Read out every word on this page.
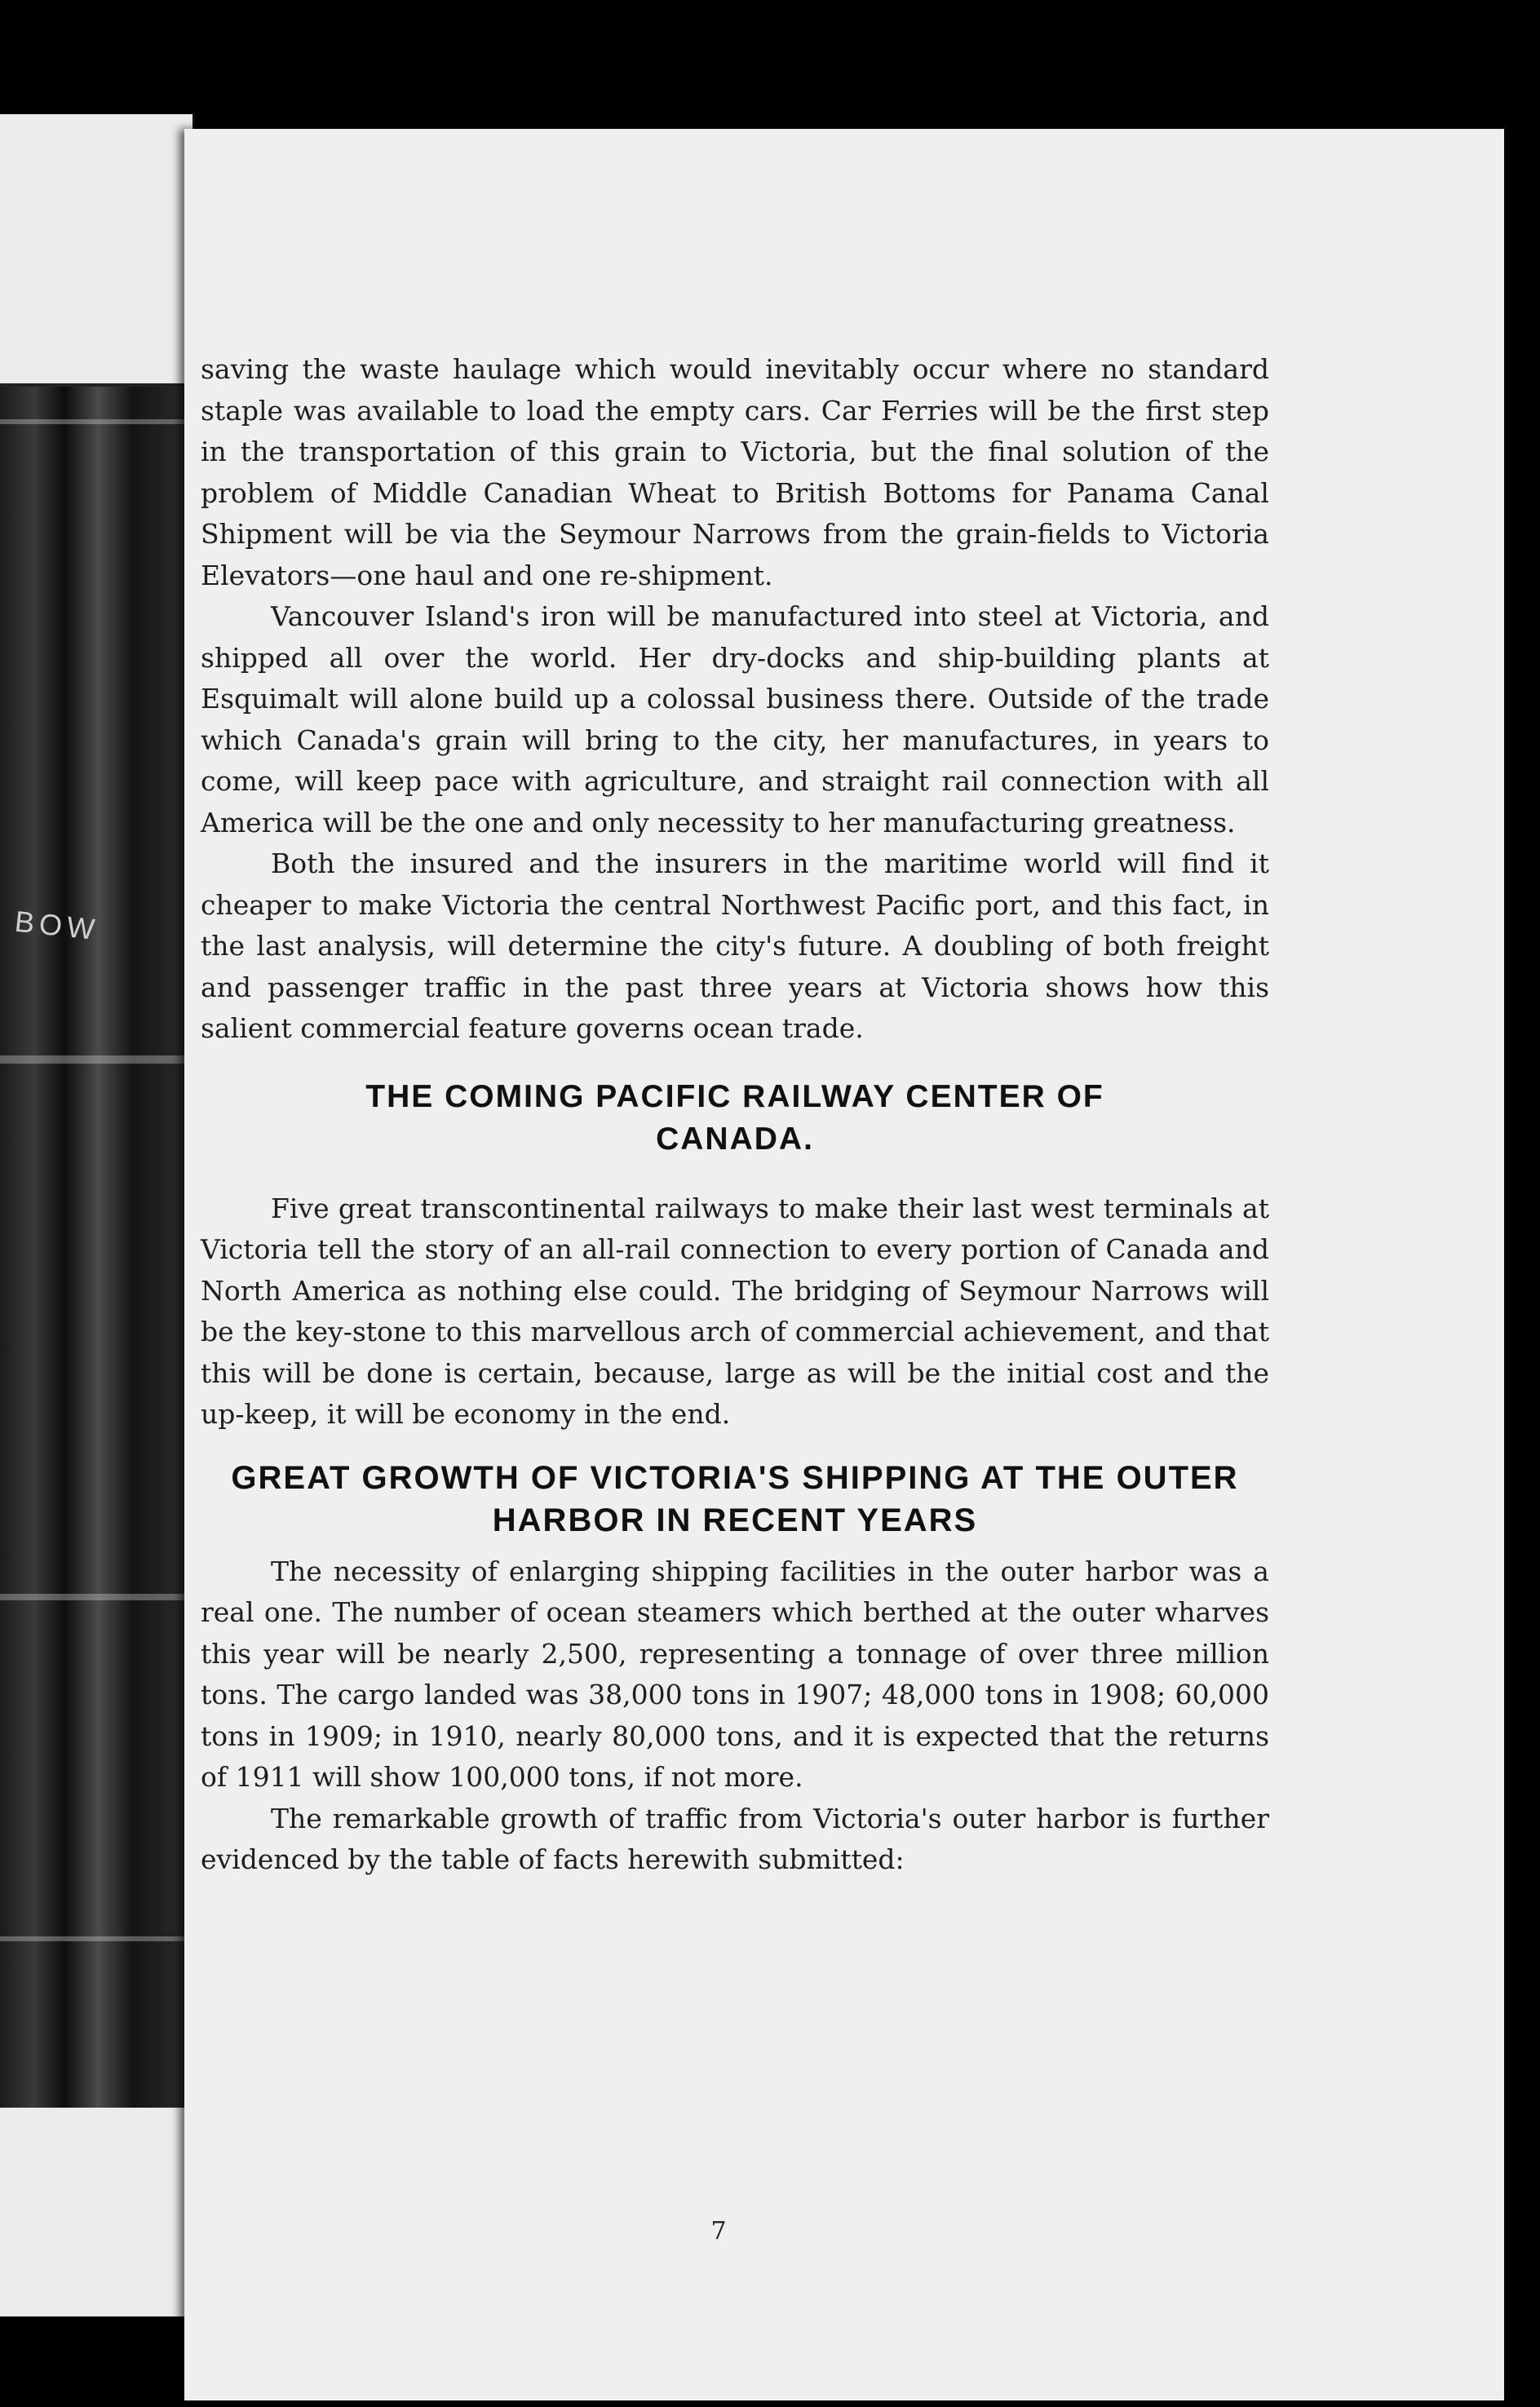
BOW

saving the waste haulage which would inevitably occur where no standard staple was available to load the empty cars. Car Ferries will be the first step in the transportation of this grain to Victoria, but the final solution of the problem of Middle Canadian Wheat to British Bottoms for Panama Canal Shipment will be via the Seymour Narrows from the grain-fields to Victoria Elevators—one haul and one re-shipment.

Vancouver Island's iron will be manufactured into steel at Victoria, and shipped all over the world. Her dry-docks and ship-building plants at Esquimalt will alone build up a colossal business there. Outside of the trade which Canada's grain will bring to the city, her manufactures, in years to come, will keep pace with agriculture, and straight rail connection with all America will be the one and only necessity to her manufacturing greatness.

Both the insured and the insurers in the maritime world will find it cheaper to make Victoria the central Northwest Pacific port, and this fact, in the last analysis, will determine the city's future. A doubling of both freight and passenger traffic in the past three years at Victoria shows how this salient commercial feature governs ocean trade.

THE COMING PACIFIC RAILWAY CENTER OF CANADA.

Five great transcontinental railways to make their last west terminals at Victoria tell the story of an all-rail connection to every portion of Canada and North America as nothing else could. The bridging of Seymour Narrows will be the key-stone to this marvellous arch of commercial achievement, and that this will be done is certain, because, large as will be the initial cost and the up-keep, it will be economy in the end.

GREAT GROWTH OF VICTORIA'S SHIPPING AT THE OUTER HARBOR IN RECENT YEARS

The necessity of enlarging shipping facilities in the outer harbor was a real one. The number of ocean steamers which berthed at the outer wharves this year will be nearly 2,500, representing a tonnage of over three million tons. The cargo landed was 38,000 tons in 1907; 48,000 tons in 1908; 60,000 tons in 1909; in 1910, nearly 80,000 tons, and it is expected that the returns of 1911 will show 100,000 tons, if not more.

The remarkable growth of traffic from Victoria's outer harbor is further evidenced by the table of facts herewith submitted:

7
